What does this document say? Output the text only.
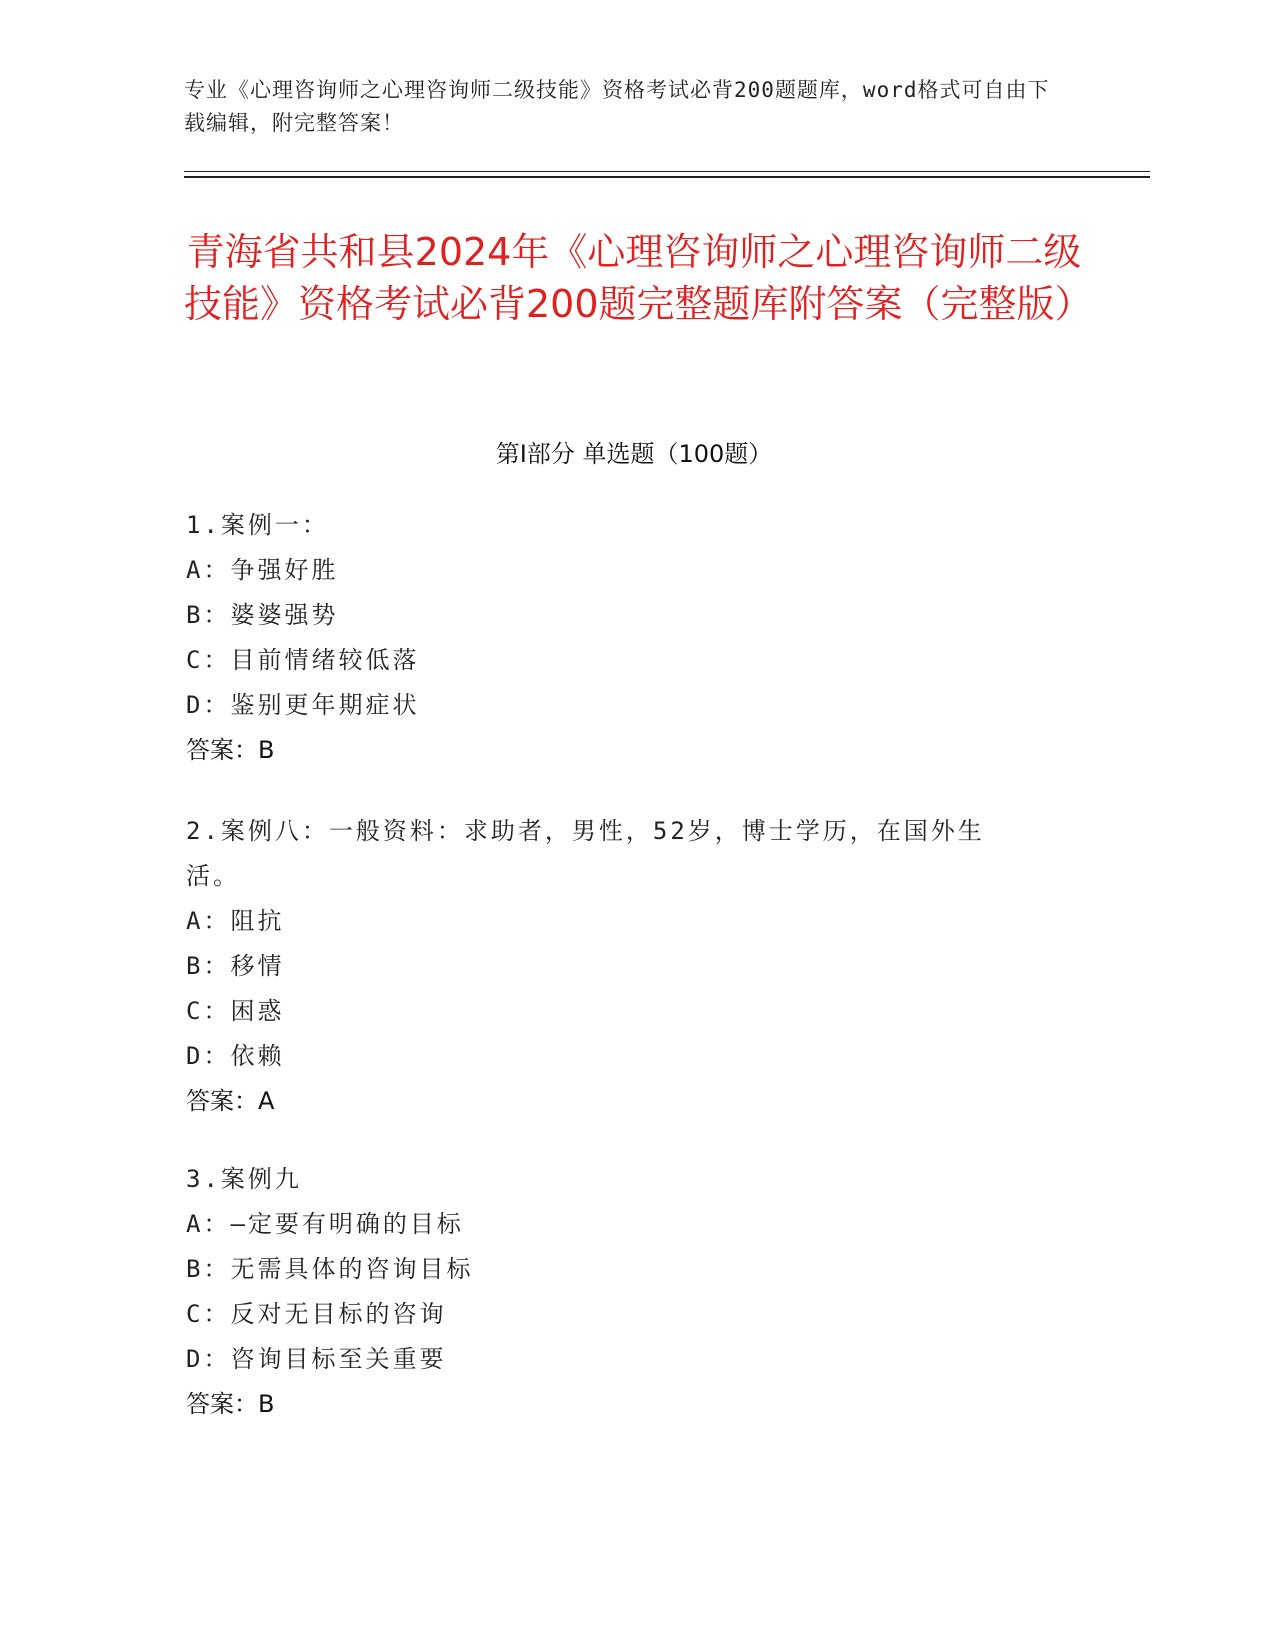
专业《心理咨询师之心理咨询师二级技能》资格考试必背200题题库，word格式可自由下载编辑，附完整答案！
青海省共和县2024年《心理咨询师之心理咨询师二级技能》资格考试必背200题完整题库附答案（完整版）
第I部分 单选题（100题）
1.案例一：
A：争强好胜
B：婆婆强势
C：目前情绪较低落
D：鉴别更年期症状
答案：B
2.案例八：一般资料：求助者，男性，52岁，博士学历，在国外生活。
A：阻抗
B：移情
C：困惑
D：依赖
答案：A
3.案例九
A：—定要有明确的目标
B：无需具体的咨询目标
C：反对无目标的咨询
D：咨询目标至关重要
答案：B
